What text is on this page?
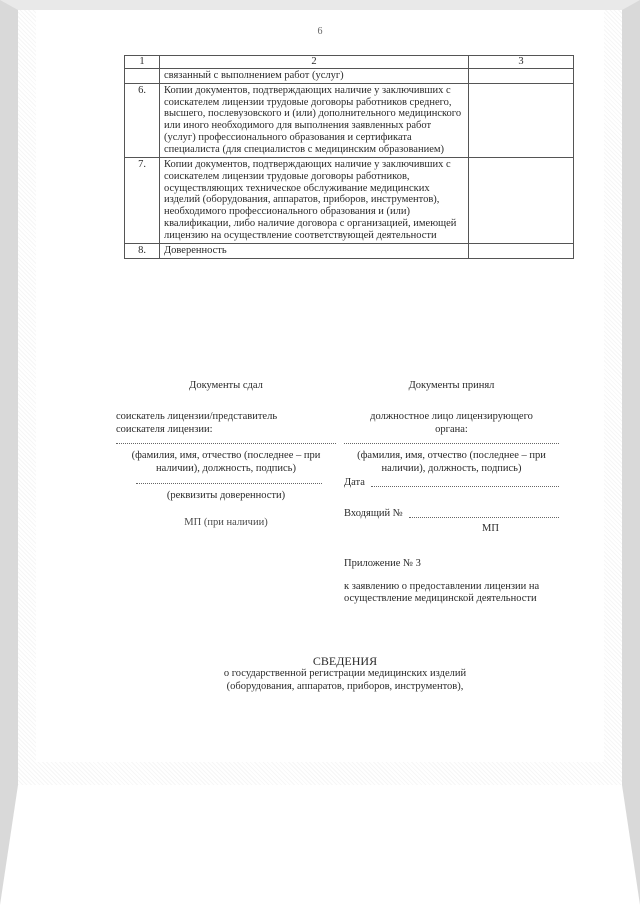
6
1	2	3
	связанный с выполнением работ (услуг)	
6.	Копии документов, подтверждающих наличие у заключивших с соискателем лицензии трудовые договоры работников среднего, высшего, послевузовского и (или) дополнительного медицинского или иного необходимого для выполнения заявленных работ (услуг) профессионального образования и сертификата специалиста (для специалистов с медицинским образованием)	
7.	Копии документов, подтверждающих наличие у заключивших с соискателем лицензии трудовые договоры работников, осуществляющих техническое обслуживание медицинских изделий (оборудования, аппаратов, приборов, инструментов), необходимого профессионального образования и (или) квалификации, либо наличие договора с организацией, имеющей лицензию на осуществление соответствующей деятельности	
8.	Доверенность	

Документы сдал

соискатель лицензии/представитель

соискателя лицензии:

(фамилия, имя, отчество (последнее – при наличии), должность, подпись)

(реквизиты доверенности)

МП (при наличии)

Документы принял

должностное лицо лицензирующего

органа:

(фамилия, имя, отчество (последнее – при наличии), должность, подпись)

Дата
Входящий №

МП

Приложение № 3
к заявлению о предоставлении лицензии на осуществление медицинской деятельности
СВЕДЕНИЯ
о государственной регистрации медицинских изделий
(оборудования, аппаратов, приборов, инструментов),
